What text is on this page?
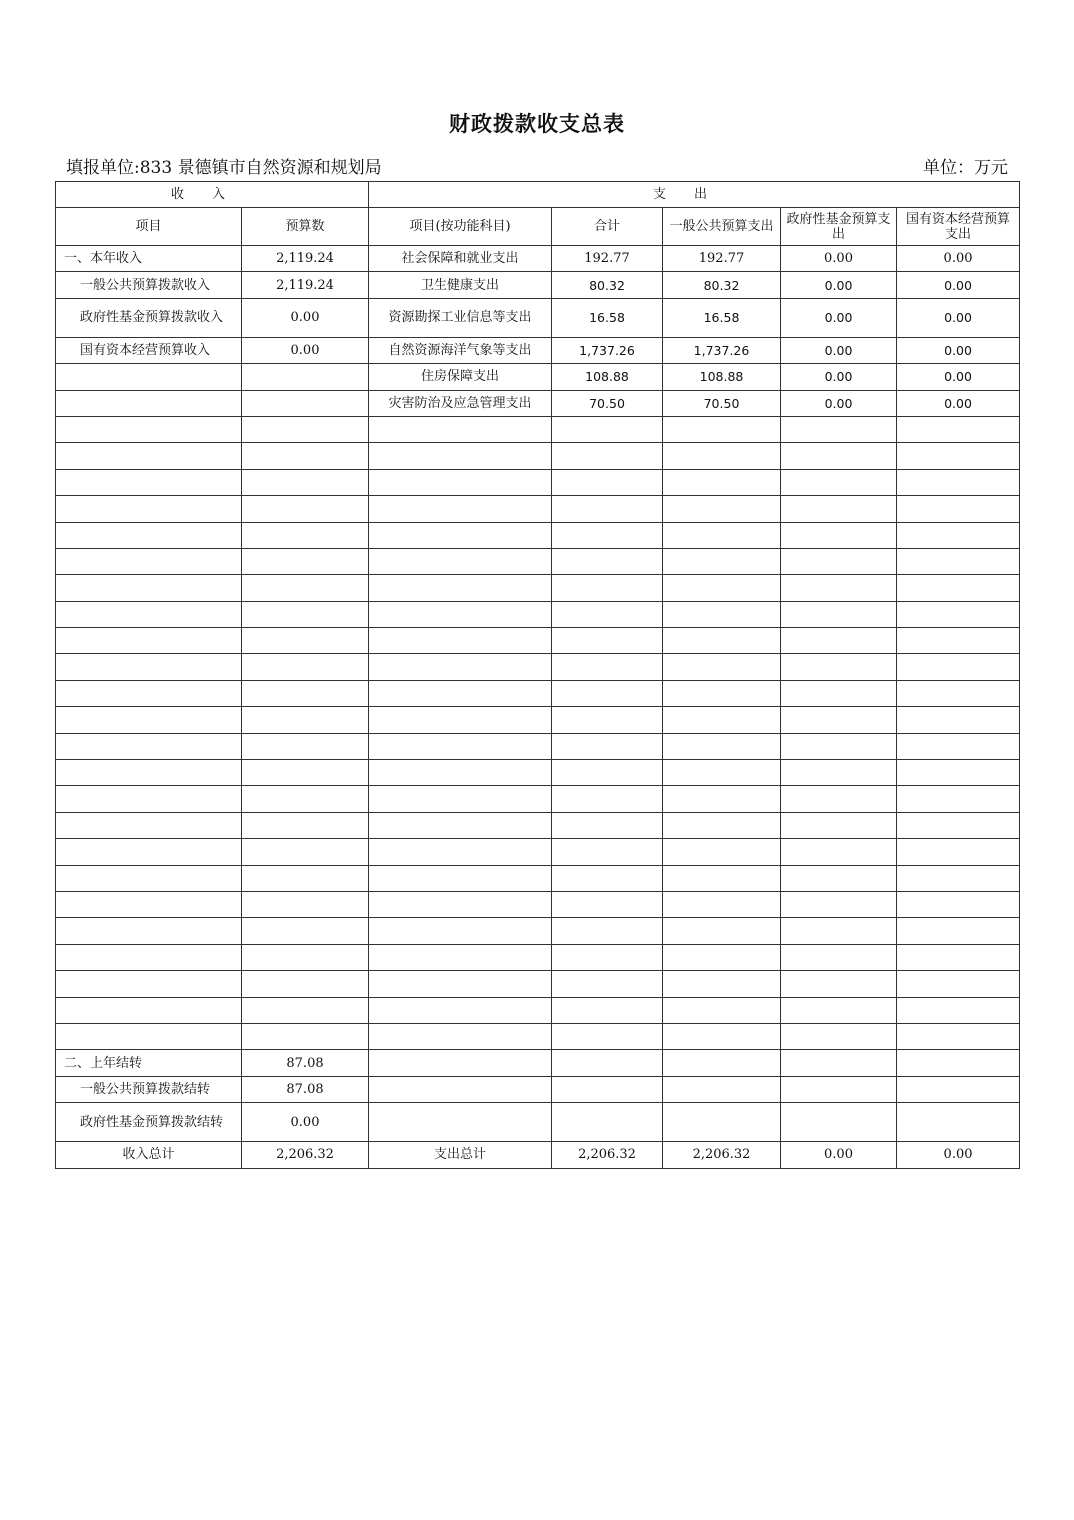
财政拨款收支总表
填报单位:833 景德镇市自然资源和规划局	单位：万元
收入		支出				
项目	预算数	项目(按功能科目)	合计	一般公共预算支出	政府性基金预算支出	国有资本经营预算支出
一、本年收入	2,119.24	社会保障和就业支出	192.77	192.77	0.00	0.00
一般公共预算拨款收入	2,119.24	卫生健康支出	80.32	80.32	0.00	0.00
政府性基金预算拨款收入	0.00	资源勘探工业信息等支出	16.58	16.58	0.00	0.00
国有资本经营预算收入	0.00	自然资源海洋气象等支出	1,737.26	1,737.26	0.00	0.00
		住房保障支出	108.88	108.88	0.00	0.00
		灾害防治及应急管理支出	70.50	70.50	0.00	0.00

二、上年结转	87.08					
一般公共预算拨款结转	87.08					
政府性基金预算拨款结转	0.00					
收入总计	2,206.32	支出总计	2,206.32	2,206.32	0.00	0.00
